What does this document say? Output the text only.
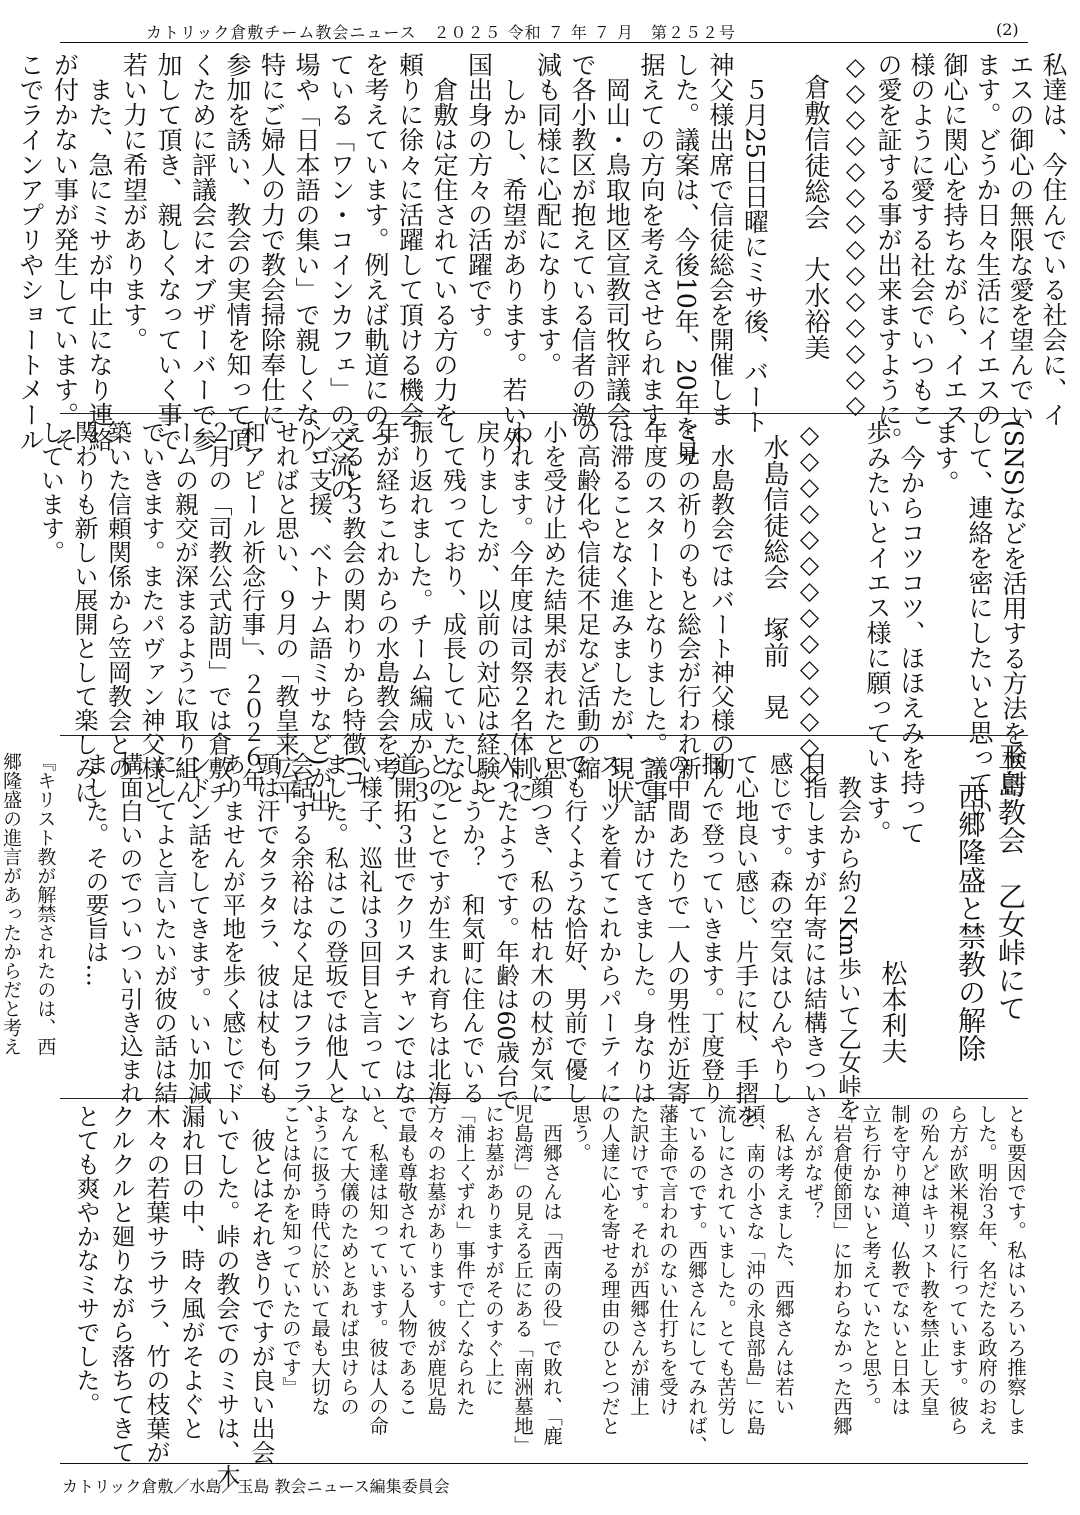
カトリック倉敷チーム教会ニュース　２０２５ 令和 ７ 年 ７ 月　第２５２号	(2)

私達は、今住んでいる社会に、イ

エスの御心の無限な愛を望んでい

ます。どうか日々生活にイエスの

御心に関心を持ちながら、イエス

様のように愛する社会でいつもこ

の愛を証する事が出来ますように。

◇◇◇◇◇◇◇◇◇◇◇◇◇◇

倉敷信徒総会　大水裕美

　５月25日日曜にミサ後、バート

神父様出席で信徒総会を開催しま

した。議案は、今後10年、20年を見

据えての方向を考えさせられます。

　岡山・鳥取地区宣教司牧評議会

で各小教区が抱えている信者の激

減も同様に心配になります。

　しかし、希望があります。若い外

国出身の方々の活躍です。

　倉敷は定住されている方の力を

頼りに徐々に活躍して頂ける機会

を考えています。例えば軌道にのっ

ている「ワン・コインカフェ」の交流の

場や「日本語の集い」で親しくなり、

特にご婦人の力で教会掃除奉仕に

参加を誘い、教会の実情を知って頂

くために評議会にオブザーバーで参

加して頂き、親しくなっていく事で

若い力に希望があります。

　また、急にミサが中止になり連絡

が付かない事が発生しています。そ

こでラインアプリやショートメール

(SNS)などを活用する方法を検討

して、連絡を密にしたいと思ってい

ます。

　今からコツコツ、ほほえみを持って

歩みたいとイエス様に願っています。

◇◇◇◇◇◇◇◇◇◇◇◇◇◇

水島信徒総会　塚前　晃

　水島教会ではバート神父様の初

ミサの祈りのもと総会が行われ新

年度のスタートとなりました。議事

は滞ることなく進みましたが、現状

の高齢化や信徒不足など活動の縮

小を受け止めた結果が表れたと思

われます。今年度は司祭２名体制に

戻りましたが、以前の対応は経験と

して残っており、成長していたなと

振り返れました。チーム編成から３

年が経ちこれからの水島教会を考

えると３教会の関わりから特徴(コ

ンゴ支援、ベトナム語ミサなど)が出

せればと思い、９月の「教皇来広平

和アピール祈念行事」、２０２６年

２月の「司教公式訪問」では倉敷チ

ームの親交が深まるように取り組ん

でいきます。またパヴァン神父様と

築いた信頼関係から笠岡教会との

関わりも新しい展開として楽しみに

しています。

玉島教会　乙女峠にて
西郷隆盛と禁教の解除
松本利夫

　教会から約２Km歩いて乙女峠を

目指しますが年寄には結構きつい

感じです。森の空気はひんやりし

て心地良い感じ、片手に杖、手摺を

掴んで登っていきます。丁度登り

の中間あたりで一人の男性が近寄

って話かけてきました。身なりは

スーツを着てこれからパーティに

でも行くような恰好、男前で優し

い顔つき、私の枯れ木の杖が気に

入ったようです。年齢は60歳台で

しょうか？　和気町に住んでいる

とのことですが生まれ育ちは北海

道開拓３世でクリスチャンではな

い様子、巡礼は３回目と言ってい

ました。私はこの登坂では他人と

会話する余裕はなく足はフラフラ、

頭は汗でタラタラ、彼は杖も何も

ありませんが平地を歩く感じでド

ンドン話をしてきます。いい加減

にしてよと言いたいが彼の話は結

構面白いのでついつい引き込まれ

ました。その要旨は…

『キリスト教が解禁されたのは、西

郷隆盛の進言があったからだと考え

とも要因です。私はいろいろ推察しま

した。明治３年、名だたる政府のおえ

ら方が欧米視察に行っています。彼ら

の殆んどはキリスト教を禁止し天皇

制を守り神道、仏教でないと日本は

立ち行かないと考えていたと思う。

「岩倉使節団」に加わらなかった西郷

さんがなぜ？

　私は考えました、西郷さんは若い

頃、南の小さな「沖の永良部島」に島

流しにされていました。とても苦労し

ているのです。西郷さんにしてみれば、

藩主命で言われのない仕打ちを受け

た訳けです。それが西郷さんが浦上

の人達に心を寄せる理由のひとつだと

思う。

　西郷さんは「西南の役」で敗れ、「鹿

児島湾」の見える丘にある「南洲墓地」

にお墓がありますがそのすぐ上に

「浦上くずれ」事件で亡くなられた

方々のお墓があります。彼が鹿児島

で最も尊敬されている人物であるこ

と、私達は知っています。彼は人の命

なんて大儀のためとあれば虫けらの

ように扱う時代に於いて最も大切な

ことは何かを知っていたのです』

　彼とはそれきりですが良い出会

いでした。峠の教会でのミサは、木

漏れ日の中、時々風がそよぐと

木々の若葉サラサラ、竹の枝葉が

クルクルと廻りながら落ちてきて

とても爽やかなミサでした。

カトリック倉敷／水島／玉島 教会ニュース編集委員会
